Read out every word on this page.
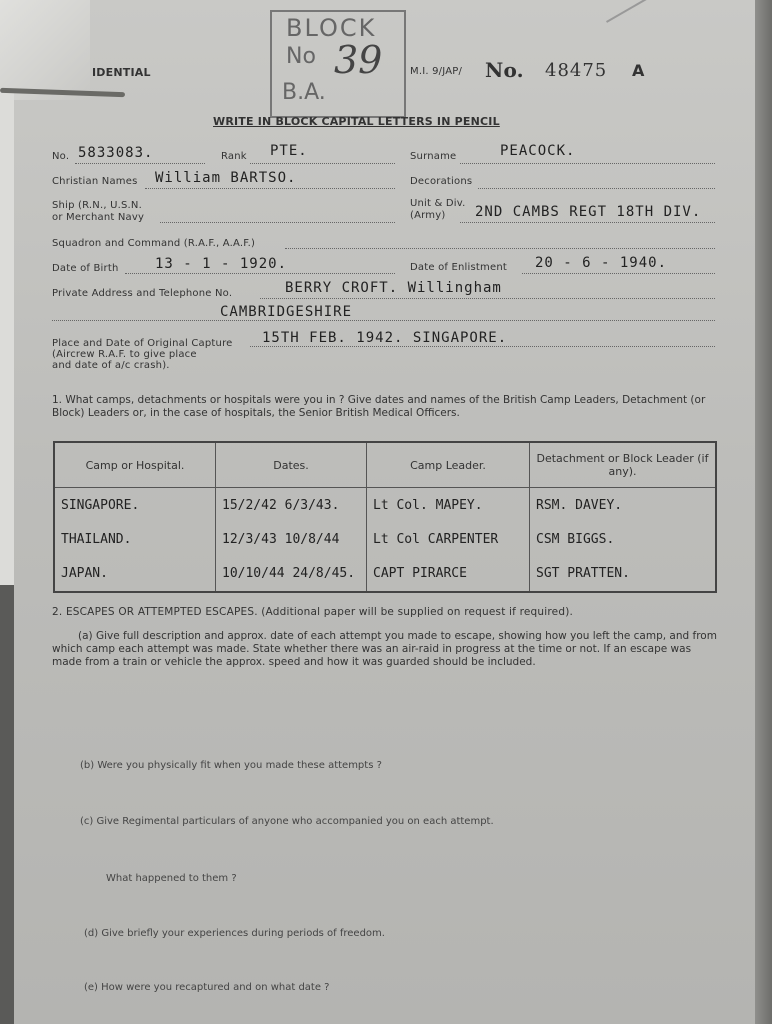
IDENTIAL
BLOCK
No 39
B.A.
M.I. 9/JAP/ No. 48475 A
WRITE IN BLOCK CAPITAL LETTERS IN PENCIL
No. 5833083.	Rank PTE.	Surname	PEACOCK.
Christian Names William BARTSO.	Decorations
Ship (R.N., U.S.N.
or Merchant Navy
Unit & Div.
(Army) 2ND CAMBS REGT 18TH DIV.
Squadron and Command (R.A.F., A.A.F.)
Date of Birth	13 - 1 - 1920.	Date of Enlistment 20 - 6 - 1940.
Private Address and Telephone No.	BERRY CROFT. Willingham
CAMBRIDGESHIRE
Place and Date of Original Capture
(Aircrew R.A.F. to give place
and date of a/c crash).
15TH FEB. 1942. SINGAPORE.
1. What camps, detachments or hospitals were you in ? Give dates and names of the British Camp Leaders, Detachment (or Block) Leaders or, in the case of hospitals, the Senior British Medical Officers.
Camp or Hospital.	Dates.	Camp Leader.	Detachment or Block Leader (if any).
SINGAPORE.	15/2/42 6/3/43.	Lt Col. MAPEY.	RSM. DAVEY.
THAILAND.	12/3/43 10/8/44	Lt Col CARPENTER	CSM BIGGS.
JAPAN.	10/10/44 24/8/45.	CAPT PIRARCE	SGT PRATTEN.
2. ESCAPES OR ATTEMPTED ESCAPES. (Additional paper will be supplied on request if required).
(a) Give full description and approx. date of each attempt you made to escape, showing how you left the camp, and from which camp each attempt was made. State whether there was an air-raid in progress at the time or not. If an escape was made from a train or vehicle the approx. speed and how it was guarded should be included.
(b) Were you physically fit when you made these attempts ?
(c) Give Regimental particulars of anyone who accompanied you on each attempt.
What happened to them ?
(d) Give briefly your experiences during periods of freedom.
(e) How were you recaptured and on what date ?
